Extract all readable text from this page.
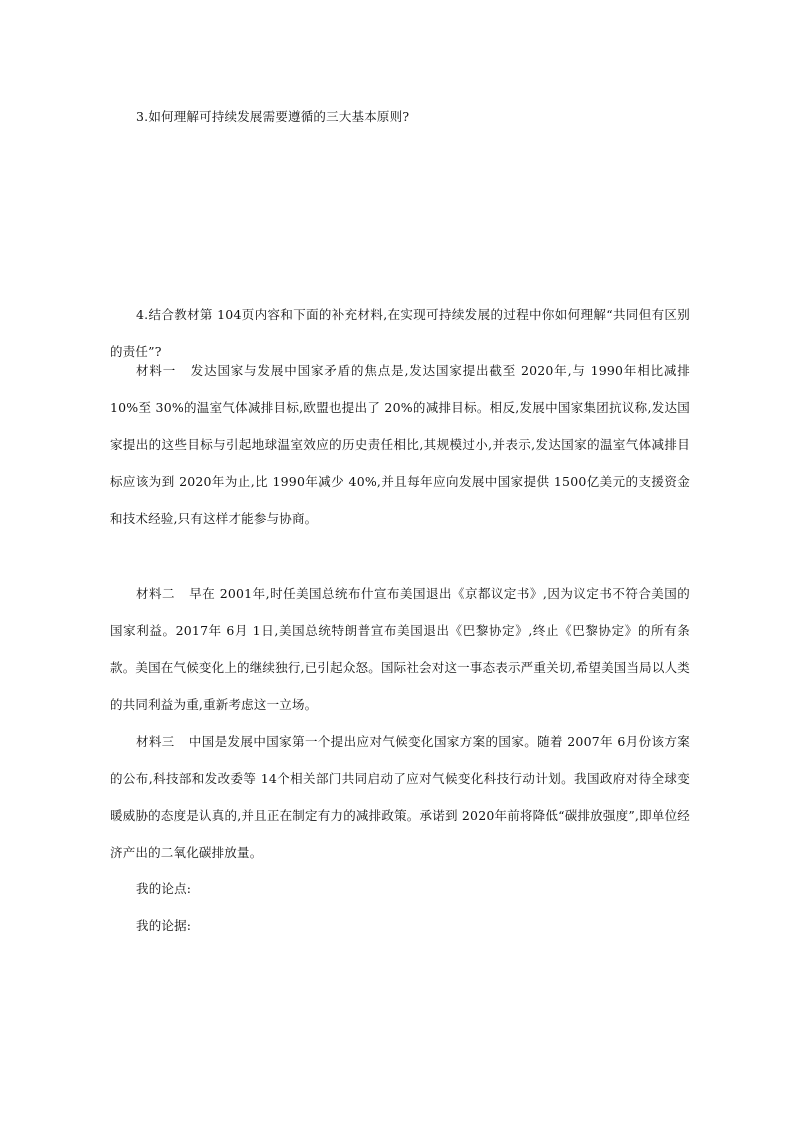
3.如何理解可持续发展需要遵循的三大基本原则?

4.结合教材第 104页内容和下面的补充材料,在实现可持续发展的过程中你如何理解“共同但有区别的责任”?

材料一 发达国家与发展中国家矛盾的焦点是,发达国家提出截至 2020年,与 1990年相比减排 10%至 30%的温室气体减排目标,欧盟也提出了 20%的减排目标。相反,发展中国家集团抗议称,发达国家提出的这些目标与引起地球温室效应的历史责任相比,其规模过小,并表示,发达国家的温室气体减排目标应该为到 2020年为止,比 1990年减少 40%,并且每年应向发展中国家提供 1500亿美元的支援资金和技术经验,只有这样才能参与协商。

材料二 早在 2001年,时任美国总统布什宣布美国退出《京都议定书》,因为议定书不符合美国的国家利益。2017年 6月 1日,美国总统特朗普宣布美国退出《巴黎协定》,终止《巴黎协定》的所有条款。美国在气候变化上的继续独行,已引起众怒。国际社会对这一事态表示严重关切,希望美国当局以人类的共同利益为重,重新考虑这一立场。

材料三 中国是发展中国家第一个提出应对气候变化国家方案的国家。随着 2007年 6月份该方案的公布,科技部和发改委等 14个相关部门共同启动了应对气候变化科技行动计划。我国政府对待全球变暖威胁的态度是认真的,并且正在制定有力的减排政策。承诺到 2020年前将降低“碳排放强度”,即单位经济产出的二氧化碳排放量。

我的论点:

我的论据:
